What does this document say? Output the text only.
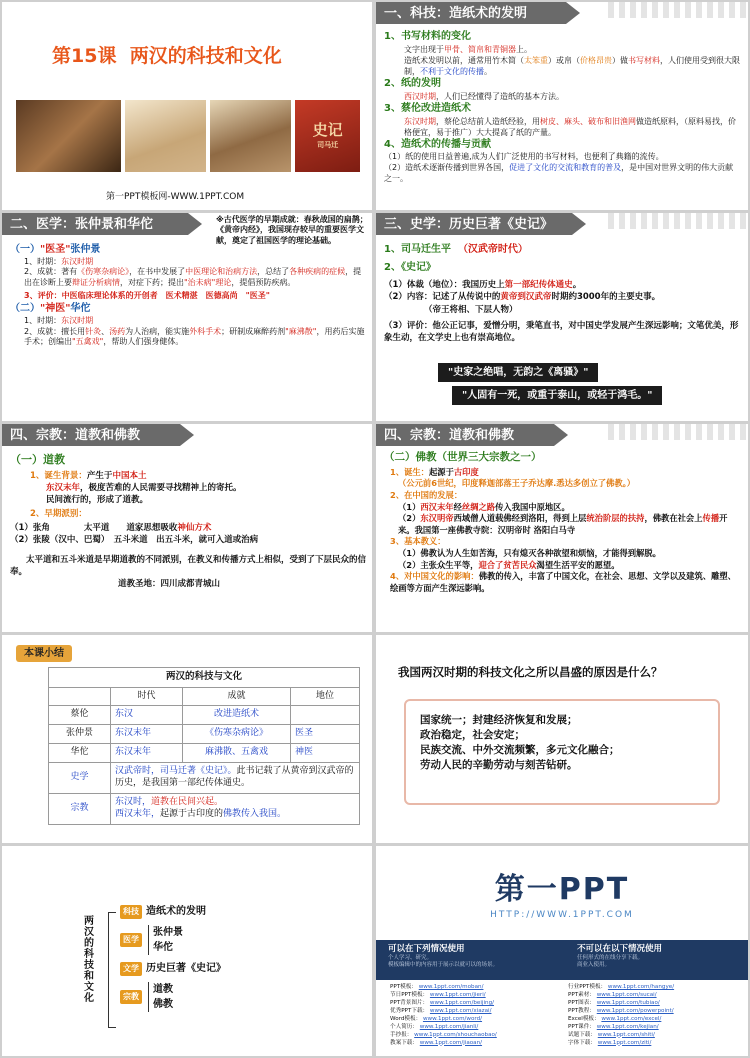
第15课 两汉的科技和文化
史记
司马迁
第一PPT模板网-WWW.1PPT.COM
一、科技：造纸术的发明
1、书写材料的变化
文字出现于甲骨、简帛和青铜器上。
造纸术发明以前，通常用竹木简（太笨重）或帛（价格昂贵）做书写材料，人们使用受到很大限制，不利于文化的传播。
2、纸的发明
西汉时期，人们已经懂得了造纸的基本方法。
3、蔡伦改进造纸术
东汉时期，蔡伦总结前人造纸经验，用树皮、麻头、破布和旧渔网做造纸原料，（原料易找，价格便宜，易于推广）大大提高了纸的产量。
4、造纸术的传播与贡献
（1）纸的使用日益普遍,成为人们广泛使用的书写材料，也便利了典籍的流传。
（2）造纸术逐渐传播到世界各国，促进了文化的交流和教育的普及，是中国对世界文明的伟大贡献之一。
二、医学：张仲景和华佗	※古代医学的早期成就：春秋战国的扁鹊；《黄帝内经》，我国现存较早的重要医学文献，奠定了祖国医学的理论基础。
（一）"医圣"张仲景
1、时期：东汉时期
2、成就：著有《伤寒杂病论》，在书中发展了中医理论和治病方法，总结了各种疾病的症候，提出在诊断上要辩证分析病情，对症下药；提出"治未病"理论，提倡预防疾病。
3、评价：中医临床理论体系的开创者　医术精湛　医德高尚　"医圣"
（二）"神医"华佗
1、时期：东汉时期
2、成就：擅长用针灸、汤药为人治病，能实施外科手术；研制成麻醉药剂"麻沸散"，用药后实施手术；创编出"五禽戏"，帮助人们强身健体。
三、史学：历史巨著《史记》
1、司马迁生平 （汉武帝时代）
2、《史记》
（1）体裁（地位）：我国历史上第一部纪传体通史。
（2）内容：记述了从传说中的黄帝到汉武帝时期约3000年的主要史事。
（帝王将相、下层人物）
（3）评价：他公正记事，爱憎分明，秉笔直书，对中国史学发展产生深远影响；文笔优美，形象生动，在文学史上也有崇高地位。
"史家之绝唱，无韵之《离骚》"
"人固有一死，或重于泰山，或轻于鸿毛。"
四、宗教：道教和佛教
（一）道教
1、诞生背景：产生于中国本土
东汉末年，极度苦难的人民需要寻找精神上的寄托。
民间流行的，形成了道教。
2、早期派别：
（1）张角　　　　太平道　　道家思想吸收神仙方术
（2）张陵（汉中、巴蜀）　五斗米道　出五斗米，就可入道或治病
太平道和五斗米道是早期道教的不同派别，在教义和传播方式上相似，受到了下层民众的信奉。
道教圣地：四川成都青城山
四、宗教：道教和佛教
（二）佛教（世界三大宗教之一）
1、诞生：起源于古印度
（公元前6世纪，印度释迦部落王子乔达摩.悉达多创立了佛教。）
2、在中国的发展：
（1）西汉末年经丝绸之路传入我国中原地区。
（2）东汉明帝西域僧人道载佛经到洛阳，得到上层统治阶层的扶持，佛教在社会上传播开来。我国第一座佛教寺院：汉明帝时 洛阳白马寺
3、基本教义：
（1）佛教认为人生如苦海，只有熄灭各种欲望和烦恼，才能得到解脱。
（2）主张众生平等，迎合了贫苦民众渴望生活平安的愿望。
4、对中国文化的影响：佛教的传入，丰富了中国文化，在社会、思想、文学以及建筑、雕塑、绘画等方面产生深远影响。
本课小结
两汉的科技与文化
	时代	成就	地位
蔡伦	东汉	改进造纸术	
张仲景	东汉末年	《伤寒杂病论》	医圣
华佗	东汉末年	麻沸散、五禽戏	神医
史学	汉武帝时，司马迁著《史记》。此书记载了从黄帝到汉武帝的历史，是我国第一部纪传体通史。		
宗教	东汉时，道教在民间兴起。
西汉末年，起源于古印度的佛教传入我国。		
我国两汉时期的科技文化之所以昌盛的原因是什么？
国家统一；封建经济恢复和发展；
政治稳定，社会安定；
民族交流、中外交流频繁，多元文化融合；
劳动人民的辛勤劳动与刻苦钻研。
两汉的科技和文化
科技 造纸术的发明
医学
张仲景
华佗
文学 历史巨著《史记》
宗教
道教
佛教
第一PPT
HTTP://WWW.1PPT.COM
可以在下列情况使用
个人学习、研究。
模板编辑中的内容用于展示以就可以的场景。
不可以在以下情况使用
任何形式的在线分享下载。
商业入使用。
PPT模板： www.1ppt.com/moban/
节日PPT模板： www.1ppt.com/jieri/
PPT背景图片： www.1ppt.com/beijing/
优秀PPT下载： www.1ppt.com/xiazai/
Word模板： www.1ppt.com/word/
个人简历： www.1ppt.com/jianli/
手抄报： www.1ppt.com/shouchaobao/
教案下载： www.1ppt.com/jiaoan/
行业PPT模板： www.1ppt.com/hangye/
PPT素材： www.1ppt.com/sucai/
PPT图表： www.1ppt.com/tubiao/
PPT教程： www.1ppt.com/powerpoint/
Excel模板： www.1ppt.com/excel/
PPT课件： www.1ppt.com/kejian/
试题下载： www.1ppt.com/shiti/
字体下载： www.1ppt.com/ziti/
